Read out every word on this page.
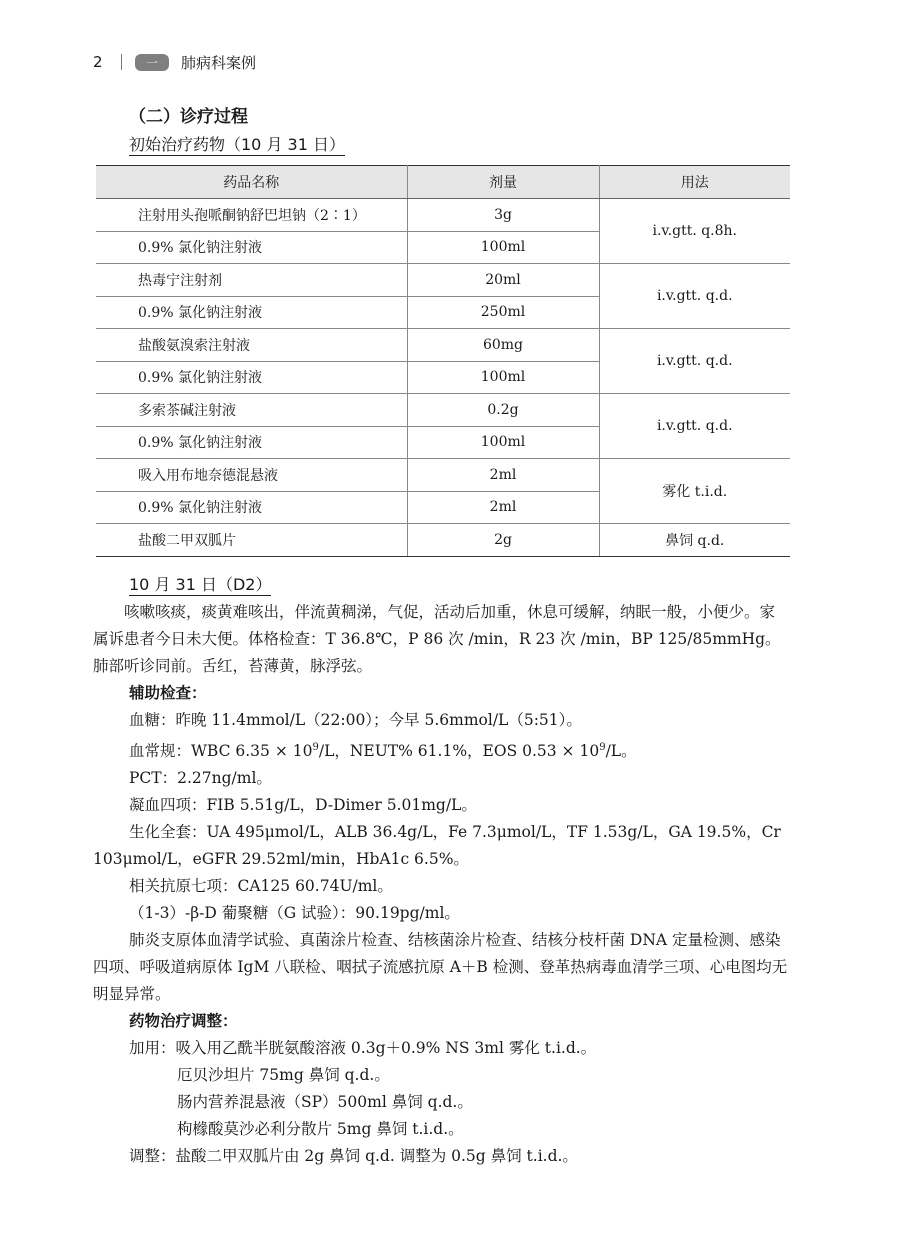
2	一	肺病科案例
（二）诊疗过程
初始治疗药物（10 月 31 日）
药品名称	剂量	用法
注射用头孢哌酮钠舒巴坦钠（2∶1）	3g	i.v.gtt. q.8h.
0.9% 氯化钠注射液	100ml	
热毒宁注射剂	20ml	i.v.gtt. q.d.
0.9% 氯化钠注射液	250ml	
盐酸氨溴索注射液	60mg	i.v.gtt. q.d.
0.9% 氯化钠注射液	100ml	
多索茶碱注射液	0.2g	i.v.gtt. q.d.
0.9% 氯化钠注射液	100ml	
吸入用布地奈德混悬液	2ml	雾化 t.i.d.
0.9% 氯化钠注射液	2ml	
盐酸二甲双胍片	2g	鼻饲 q.d.
10 月 31 日（D2）

咳嗽咳痰，痰黄难咳出，伴流黄稠涕，气促，活动后加重，休息可缓解，纳眠一般，小便少。家属诉患者今日未大便。体格检查：T 36.8℃，P 86 次 /min，R 23 次 /min，BP 125/85mmHg。肺部听诊同前。舌红，苔薄黄，脉浮弦。

辅助检查：

血糖：昨晚 11.4mmol/L（22:00）；今早 5.6mmol/L（5:51）。

血常规：WBC $6.35 \times 10^9/L$，NEUT% 61.1%，EOS $0.53 \times 10^9/L$。

PCT：2.27ng/ml。

凝血四项：FIB 5.51g/L，D-Dimer 5.01mg/L。

生化全套：UA 495μmol/L，ALB 36.4g/L，Fe 7.3μmol/L，TF 1.53g/L，GA 19.5%，Cr 103μmol/L，eGFR 29.52ml/min，HbA1c 6.5%。

相关抗原七项：CA125 60.74U/ml。

（1-3）-β-D 葡聚糖（G 试验）：90.19pg/ml。

肺炎支原体血清学试验、真菌涂片检查、结核菌涂片检查、结核分枝杆菌 DNA 定量检测、感染四项、呼吸道病原体 IgM 八联检、咽拭子流感抗原 A＋B 检测、登革热病毒血清学三项、心电图均无明显异常。

药物治疗调整：

加用：吸入用乙酰半胱氨酸溶液 0.3g＋0.9% NS 3ml 雾化 t.i.d.。

厄贝沙坦片 75mg 鼻饲 q.d.。

肠内营养混悬液（SP）500ml 鼻饲 q.d.。

枸橼酸莫沙必利分散片 5mg 鼻饲 t.i.d.。

调整：盐酸二甲双胍片由 2g 鼻饲 q.d. 调整为 0.5g 鼻饲 t.i.d.。
